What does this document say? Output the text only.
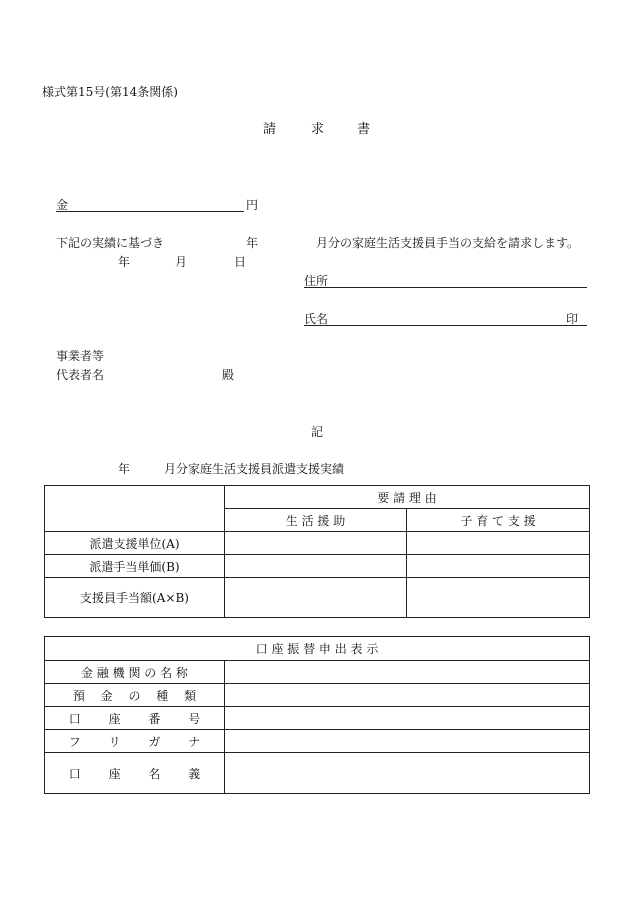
様式第15号(第14条関係)
請	求	書
金	円
下記の実績に基づき	年	月分の家庭生活支援員手当の支給を請求します。
年	月	日
住所
氏名	印
事業者等
代表者名	殿
記
年	月分家庭生活支援員派遣支援実績
	要 請 理 由	
	生 活 援 助	子 育 て 支 援
派遣支援単位(A)		
派遣手当単価(B)		
支援員手当額(A×B)		
口 座 振 替 申 出 表 示	
金 融 機 関 の 名 称	
預　 金　 の　 種　 類	
口　　 座　　 番　　 号	
フ　　 リ　　 ガ　　 ナ	
口　　 座　　 名　　 義	
